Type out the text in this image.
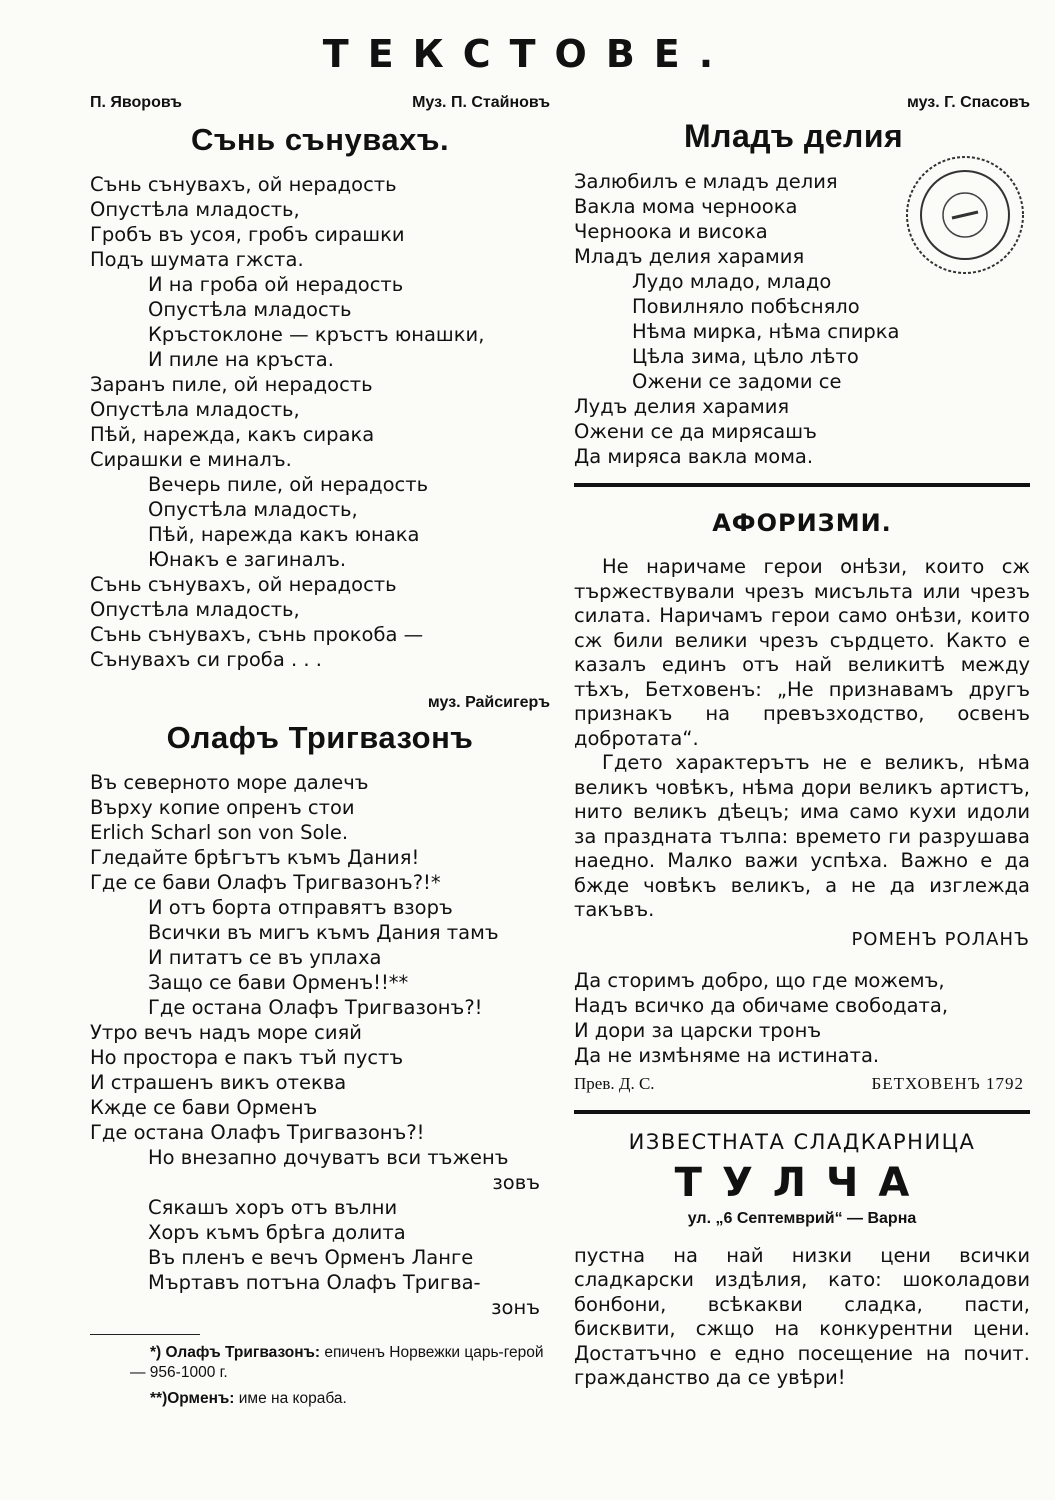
ТЕКСТОВЕ.
П. Яворовъ	Муз. П. Стайновъ
Сънь сънувахъ.
Сънь сънувахъ, ой нерадость
Опустѣла младость,
Гробъ въ усоя, гробъ сирашки
Подъ шумата гжста.
И на гроба ой нерадость
Опустѣла младость
Кръстоклоне — кръстъ юнашки,
И пиле на кръста.
Заранъ пиле, ой нерадость
Опустѣла младость,
Пѣй, нарежда, какъ сирака
Сирашки е миналъ.
Вечерь пиле, ой нерадость
Опустѣла младость,
Пѣй, нарежда какъ юнака
Юнакъ е загиналъ.
Сънь сънувахъ, ой нерадость
Опустѣла младость,
Сънь сънувахъ, сънь прокоба —
Сънувахъ си гроба . . .
муз. Райсигеръ
Олафъ Тригвазонъ
Въ северното море далечъ
Върху копие опренъ стои
Erlich Scharl son von Sole.
Гледайте брѣгътъ къмъ Дания!
Где се бави Олафъ Тригвазонъ?!*
И отъ борта отправятъ взоръ
Всички въ мигъ къмъ Дания тамъ
И питатъ се въ уплаха
Защо се бави Орменъ!!**
Где остана Олафъ Тригвазонъ?!
Утро вечъ надъ море сияй
Но простора е пакъ тъй пустъ
И страшенъ викъ отеква
Кжде се бави Орменъ
Где остана Олафъ Тригвазонъ?!
Но внезапно дочуватъ вси тъженъ
зовъ
Сякашъ хоръ отъ вълни
Хоръ къмъ брѣга долита
Въ пленъ е вечъ Орменъ Ланге
Мъртавъ потъна Олафъ Тригва-
зонъ
*) Олафъ Тригвазонъ: епиченъ Норвежки царь-герой — 956-1000 г.
**)Орменъ: име на кораба.
муз. Г. Спасовъ
Младъ делия
Залюбилъ е младъ делия
Вакла мома черноока
Черноока и висока
Младъ делия харамия
Лудо младо, младо
Повилняло побѣсняло
Нѣма мирка, нѣма спирка
Цѣла зима, цѣло лѣто
Ожени се задоми се
Лудъ делия харамия
Ожени се да мирясашъ
Да миряса вакла мома.
АФОРИЗМИ.

Не наричаме герои онѣзи, които сж тържествували чрезъ мисъльта или чрезъ силата. Наричамъ герои само онѣзи, които сж били велики чрезъ сърдцето. Както е казалъ единъ отъ най великитѣ между тѣхъ, Бетховенъ: „Не признавамъ другъ признакъ на превъзходство, освенъ добротата“.

Гдето характерътъ не е великъ, нѣма великъ човѣкъ, нѣма дори великъ артистъ, нито великъ дѣецъ; има само кухи идоли за празднатa тълпа: времето ги разрушава наедно. Малко важи успѣха. Важно е да бжде човѣкъ великъ, а не да изглежда такъвъ.

РОМЕНЪ РОЛАНЪ
Да сторимъ добро, що где можемъ,
Надъ всичко да обичаме свободата,
И дори за царски тронъ
Да не измѣняме на истината.
Прев. Д. С.	БЕТХОВЕНЪ 1792
ИЗВЕСТНАТА СЛАДКАРНИЦА
ТУЛЧА
ул. „6 Септемврий“ — Варна
пустна на най низки цени всички сладкарски издѣлия, като: шоколадови бонбони, всѣкакви сладка, пасти, бисквити, сжщо на конкурентни цени. Достатъчно е едно посещение на почит. гражданство да се увѣри!
